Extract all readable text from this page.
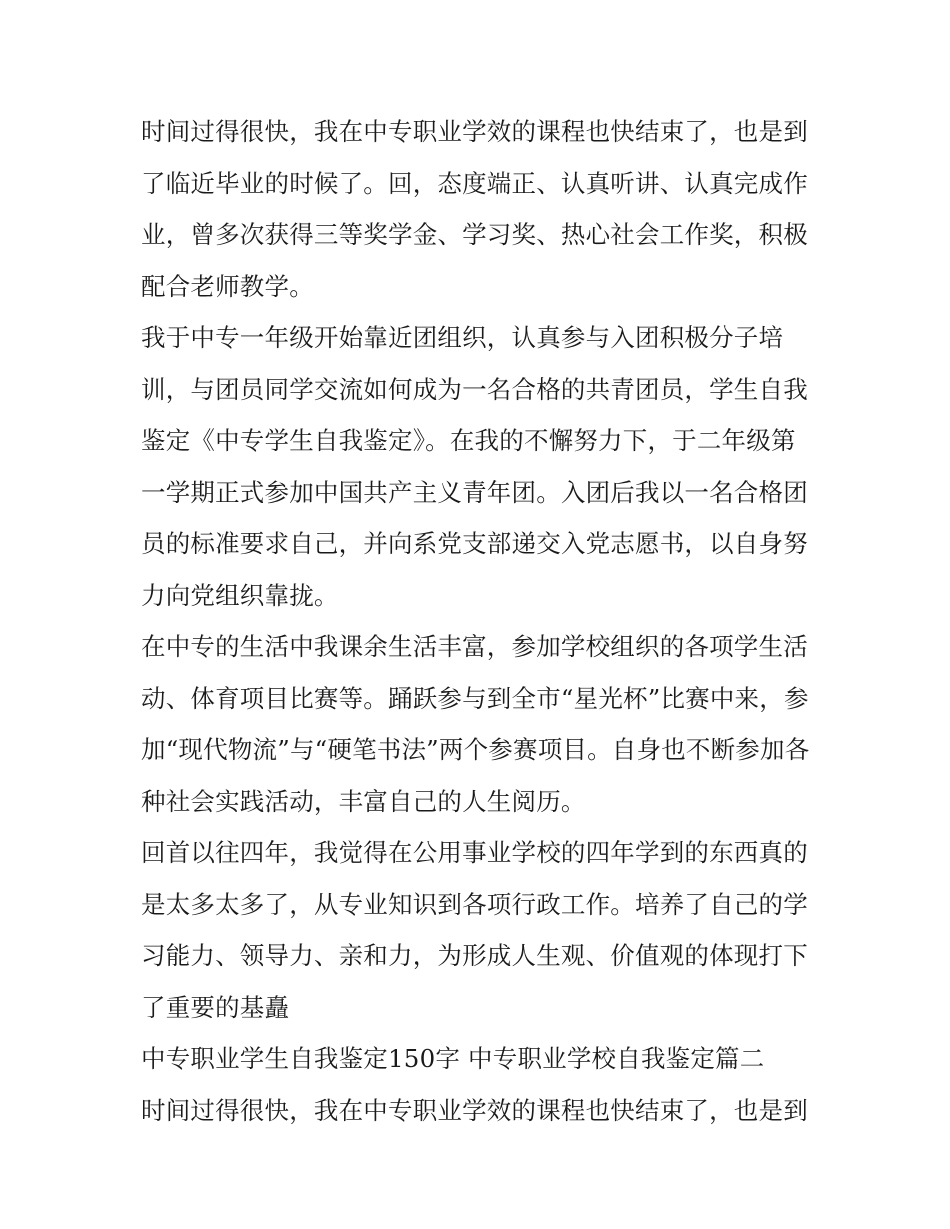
时间过得很快，我在中专职业学效的课程也快结束了，也是到
了临近毕业的时候了。回，态度端正、认真听讲、认真完成作
业，曾多次获得三等奖学金、学习奖、热心社会工作奖，积极
配合老师教学。
我于中专一年级开始靠近团组织，认真参与入团积极分子培
训，与团员同学交流如何成为一名合格的共青团员，学生自我
鉴定《中专学生自我鉴定》。在我的不懈努力下，于二年级第
一学期正式参加中国共产主义青年团。入团后我以一名合格团
员的标准要求自己，并向系党支部递交入党志愿书，以自身努
力向党组织靠拢。
在中专的生活中我课余生活丰富，参加学校组织的各项学生活
动、体育项目比赛等。踊跃参与到全市“星光杯”比赛中来，参
加“现代物流”与“硬笔书法”两个参赛项目。自身也不断参加各
种社会实践活动，丰富自己的人生阅历。
回首以往四年，我觉得在公用事业学校的四年学到的东西真的
是太多太多了，从专业知识到各项行政工作。培养了自己的学
习能力、领导力、亲和力，为形成人生观、价值观的体现打下
了重要的基矗
中专职业学生自我鉴定150字 中专职业学校自我鉴定篇二
时间过得很快，我在中专职业学效的课程也快结束了，也是到
